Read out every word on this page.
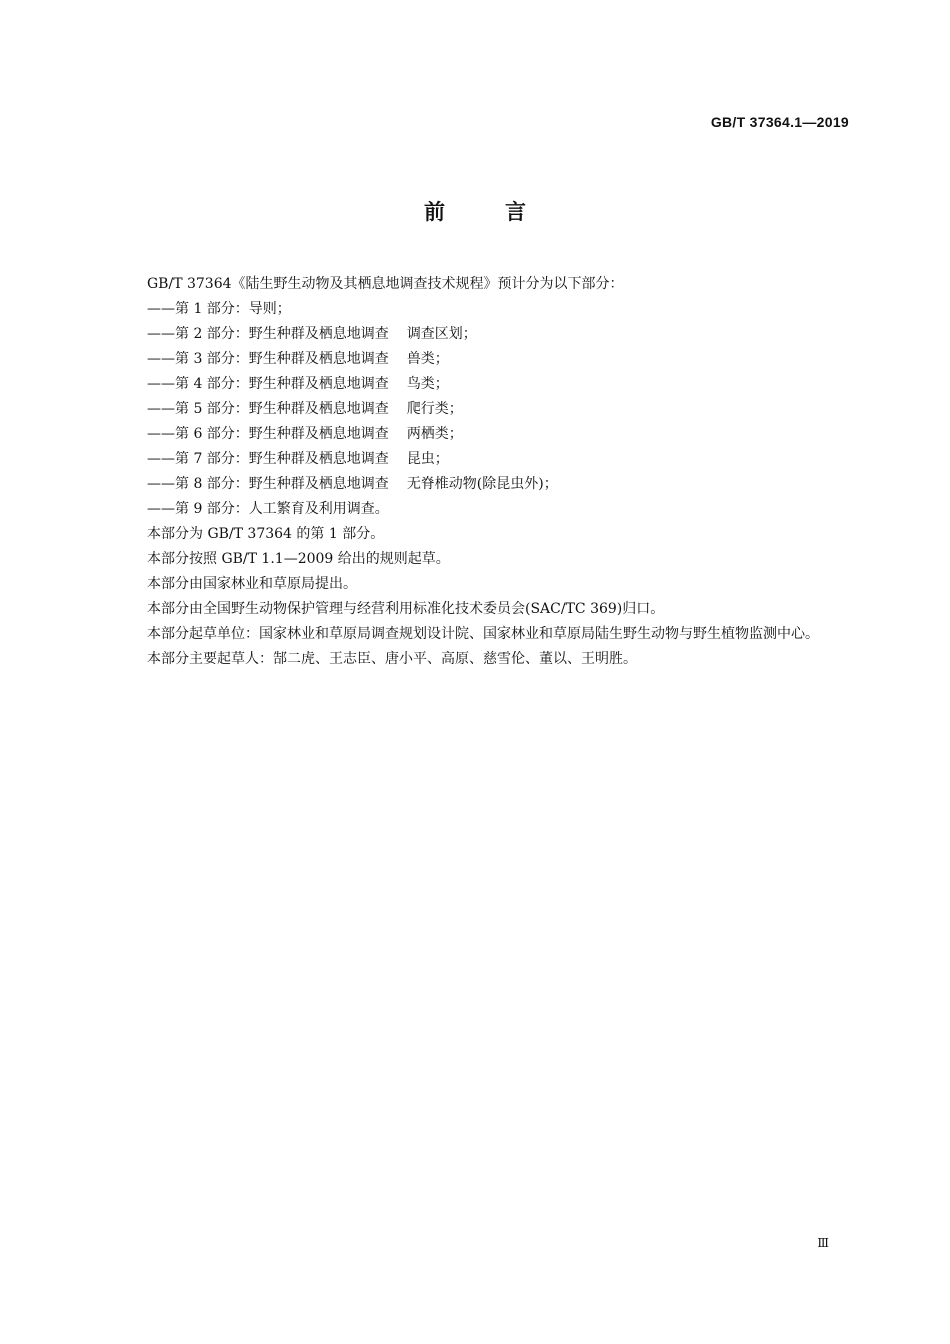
GB/T 37364.1—2019
前言

GB/T 37364《陆生野生动物及其栖息地调查技术规程》预计分为以下部分：

——第 1 部分：导则；

——第 2 部分：野生种群及栖息地调查 调查区划；

——第 3 部分：野生种群及栖息地调查 兽类；

——第 4 部分：野生种群及栖息地调查 鸟类；

——第 5 部分：野生种群及栖息地调查 爬行类；

——第 6 部分：野生种群及栖息地调查 两栖类；

——第 7 部分：野生种群及栖息地调查 昆虫；

——第 8 部分：野生种群及栖息地调查 无脊椎动物(除昆虫外)；

——第 9 部分：人工繁育及利用调查。

本部分为 GB/T 37364 的第 1 部分。

本部分按照 GB/T 1.1—2009 给出的规则起草。

本部分由国家林业和草原局提出。

本部分由全国野生动物保护管理与经营利用标准化技术委员会(SAC/TC 369)归口。

本部分起草单位：国家林业和草原局调查规划设计院、国家林业和草原局陆生野生动物与野生植物监测中心。

本部分主要起草人：郜二虎、王志臣、唐小平、高原、慈雪伦、董以、王明胜。

Ⅲ
